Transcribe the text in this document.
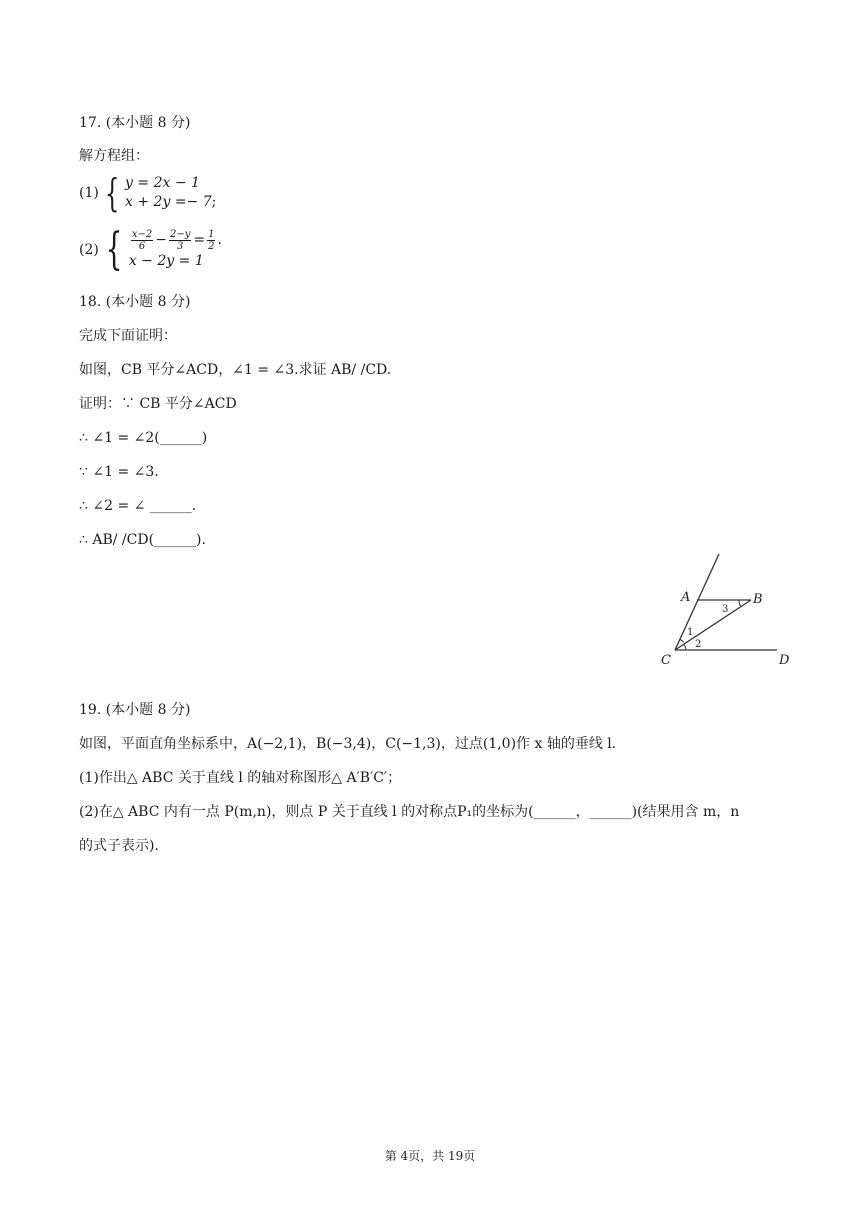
17. (本小题 8 分)
解方程组：
(1) { y = 2x − 1
x + 2y =− 7;
(2) { $\frac{x-2}{6} - \frac{2-y}{3} = \frac{1}{2}$ .
x − 2y = 1
18. (本小题 8 分)
完成下面证明：
如图，CB 平分∠ACD，∠1 = ∠3.求证 AB/ /CD.
证明：∵ CB 平分∠ACD
∴ ∠1 = ∠2(______)
∵ ∠1 = ∠3.
∴ ∠2 = ∠ ______.
∴ AB/ /CD(______).
A	B
C	D
1
2
3
19. (本小题 8 分)
如图，平面直角坐标系中，A(−2,1)，B(−3,4)，C(−1,3)，过点(1,0)作 x 轴的垂线 l.
(1)作出△ ABC 关于直线 l 的轴对称图形△ A′B′C′；
(2)在△ ABC 内有一点 P(m,n)，则点 P 关于直线 l 的对称点P₁的坐标为(______，______)(结果用含 m，n
的式子表示).
第 4页，共 19页
